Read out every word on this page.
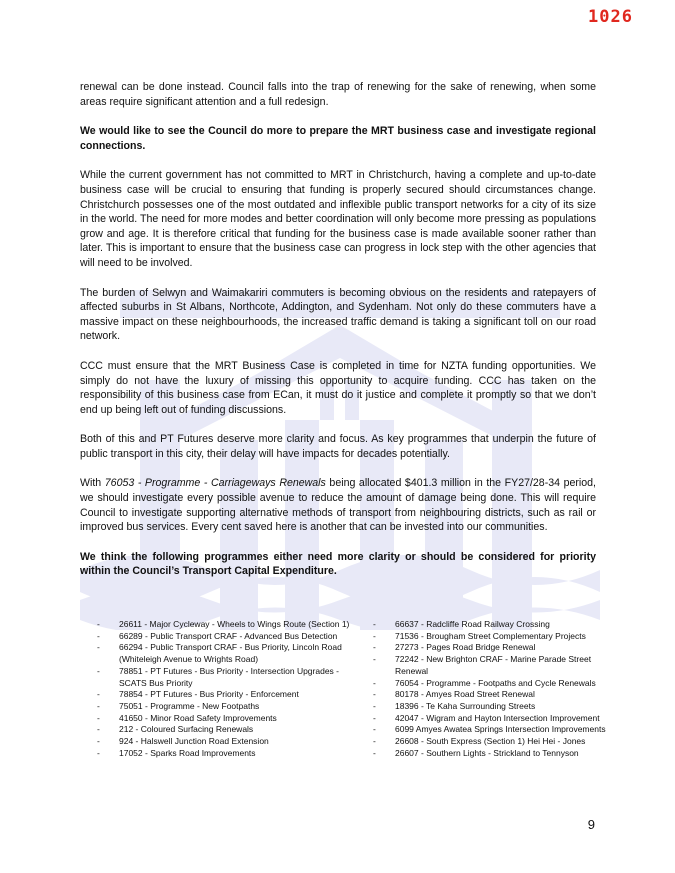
1026

renewal can be done instead. Council falls into the trap of renewing for the sake of renewing, when some areas require significant attention and a full redesign.

We would like to see the Council do more to prepare the MRT business case and investigate regional connections.

While the current government has not committed to MRT in Christchurch, having a complete and up-to-date business case will be crucial to ensuring that funding is properly secured should circumstances change. Christchurch possesses one of the most outdated and inflexible public transport networks for a city of its size in the world. The need for more modes and better coordination will only become more pressing as populations grow and age. It is therefore critical that funding for the business case is made available sooner rather than later. This is important to ensure that the business case can progress in lock step with the other agencies that will need to be involved.

The burden of Selwyn and Waimakariri commuters is becoming obvious on the residents and ratepayers of affected suburbs in St Albans, Northcote, Addington, and Sydenham. Not only do these commuters have a massive impact on these neighbourhoods, the increased traffic demand is taking a significant toll on our road network.

CCC must ensure that the MRT Business Case is completed in time for NZTA funding opportunities. We simply do not have the luxury of missing this opportunity to acquire funding. CCC has taken on the responsibility of this business case from ECan, it must do it justice and complete it promptly so that we don’t end up being left out of funding discussions.

Both of this and PT Futures deserve more clarity and focus. As key programmes that underpin the future of public transport in this city, their delay will have impacts for decades potentially.

With 76053 - Programme - Carriageways Renewals being allocated $401.3 million in the FY27/28-34 period, we should investigate every possible avenue to reduce the amount of damage being done. This will require Council to investigate supporting alternative methods of transport from neighbouring districts, such as rail or improved bus services. Every cent saved here is another that can be invested into our communities.

We think the following programmes either need more clarity or should be considered for priority within the Council’s Transport Capital Expenditure.

-	26611 - Major Cycleway - Wheels to Wings Route (Section 1)
-	66289 - Public Transport CRAF - Advanced Bus Detection
-	66294 - Public Transport CRAF - Bus Priority, Lincoln Road (Whiteleigh Avenue to Wrights Road)
-	78851 - PT Futures - Bus Priority - Intersection Upgrades - SCATS Bus Priority
-	78854 - PT Futures - Bus Priority - Enforcement
-	75051 - Programme - New Footpaths
-	41650 - Minor Road Safety Improvements
-	212 - Coloured Surfacing Renewals
-	924 - Halswell Junction Road Extension
-	17052 - Sparks Road Improvements
-	66637 - Radcliffe Road Railway Crossing
-	71536 - Brougham Street Complementary Projects
-	27273 - Pages Road Bridge Renewal
-	72242 - New Brighton CRAF - Marine Parade Street Renewal
-	76054 - Programme - Footpaths and Cycle Renewals
-	80178 - Amyes Road Street Renewal
-	18396 - Te Kaha Surrounding Streets
-	42047 - Wigram and Hayton Intersection Improvement
-	6099 Amyes Awatea Springs Intersection Improvements
-	26608 - South Express (Section 1) Hei Hei - Jones
-	26607 - Southern Lights - Strickland to Tennyson
9
